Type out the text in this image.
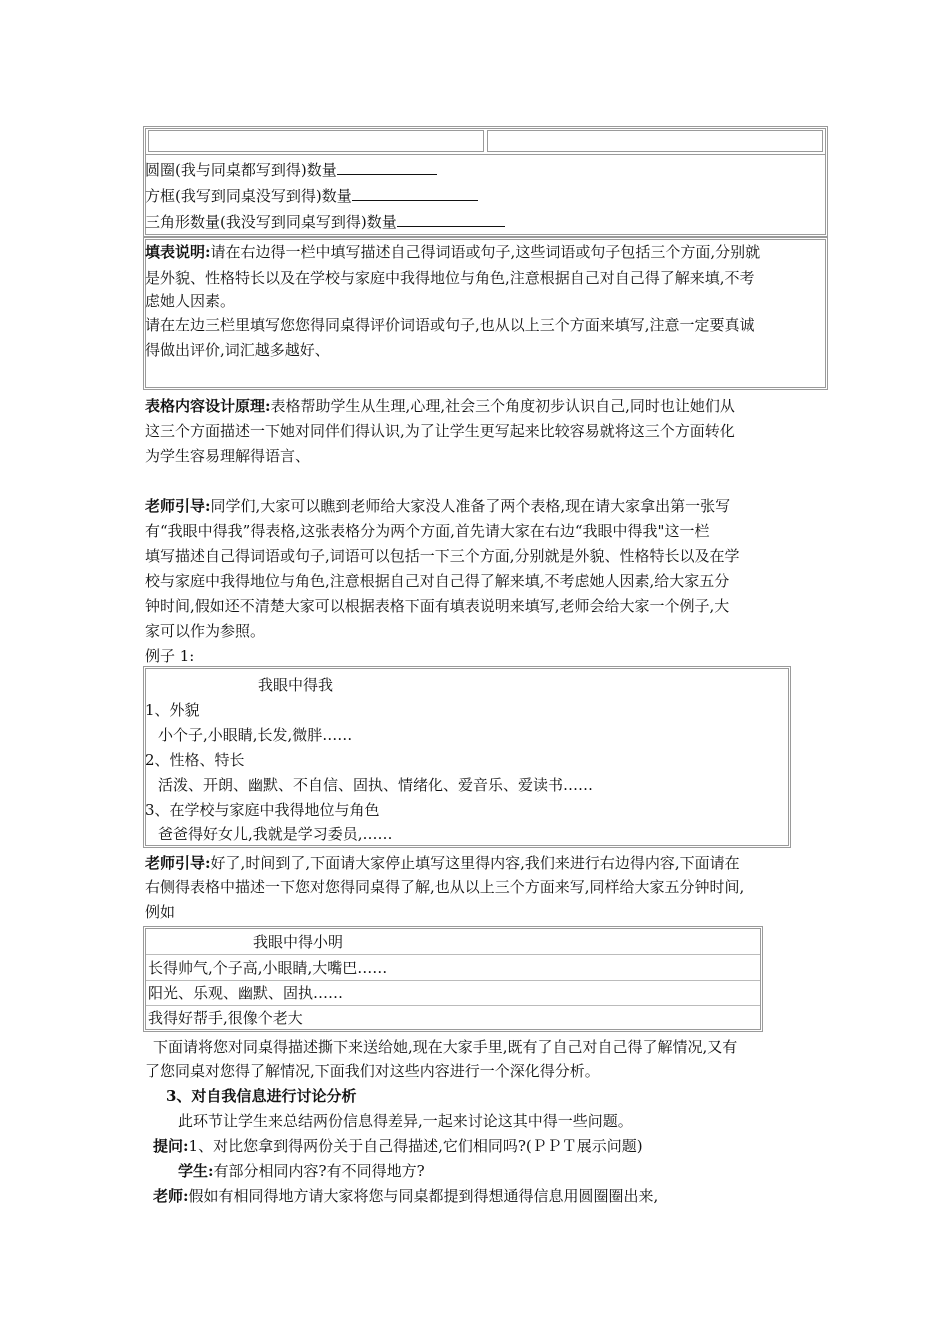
圆圈(我与同桌都写到得)数量
方框(我写到同桌没写到得)数量
三角形数量(我没写到同桌写到得)数量
填表说明:请在右边得一栏中填写描述自己得词语或句子,这些词语或句子包括三个方面,分别就
是外貌、性格特长以及在学校与家庭中我得地位与角色,注意根据自己对自己得了解来填,不考
虑她人因素。
请在左边三栏里填写您您得同桌得评价词语或句子,也从以上三个方面来填写,注意一定要真诚
得做出评价,词汇越多越好、
表格内容设计原理:表格帮助学生从生理,心理,社会三个角度初步认识自己,同时也让她们从
这三个方面描述一下她对同伴们得认识,为了让学生更写起来比较容易就将这三个方面转化
为学生容易理解得语言、
老师引导:同学们,大家可以瞧到老师给大家没人准备了两个表格,现在请大家拿出第一张写
有“我眼中得我”得表格,这张表格分为两个方面,首先请大家在右边“我眼中得我"这一栏
填写描述自己得词语或句子,词语可以包括一下三个方面,分别就是外貌、性格特长以及在学
校与家庭中我得地位与角色,注意根据自己对自己得了解来填,不考虑她人因素,给大家五分
钟时间,假如还不清楚大家可以根据表格下面有填表说明来填写,老师会给大家一个例子,大
家可以作为参照。
例子 1:
我眼中得我
1、外貌
小个子,小眼睛,长发,微胖……
2、性格、特长
活泼、开朗、幽默、不自信、固执、情绪化、爱音乐、爱读书……
3、在学校与家庭中我得地位与角色
爸爸得好女儿,我就是学习委员,……
老师引导:好了,时间到了,下面请大家停止填写这里得内容,我们来进行右边得内容,下面请在
右侧得表格中描述一下您对您得同桌得了解,也从以上三个方面来写,同样给大家五分钟时间,
例如
我眼中得小明
长得帅气,个子高,小眼睛,大嘴巴……
阳光、乐观、幽默、固执……
我得好帮手,很像个老大
下面请将您对同桌得描述撕下来送给她,现在大家手里,既有了自己对自己得了解情况,又有
了您同桌对您得了解情况,下面我们对这些内容进行一个深化得分析。
3、对自我信息进行讨论分析
此环节让学生来总结两份信息得差异,一起来讨论这其中得一些问题。
提问:1、对比您拿到得两份关于自己得描述,它们相同吗?(ＰＰＴ展示问题)
学生:有部分相同内容?有不同得地方?
老师:假如有相同得地方请大家将您与同桌都提到得想通得信息用圆圈圈出来,
